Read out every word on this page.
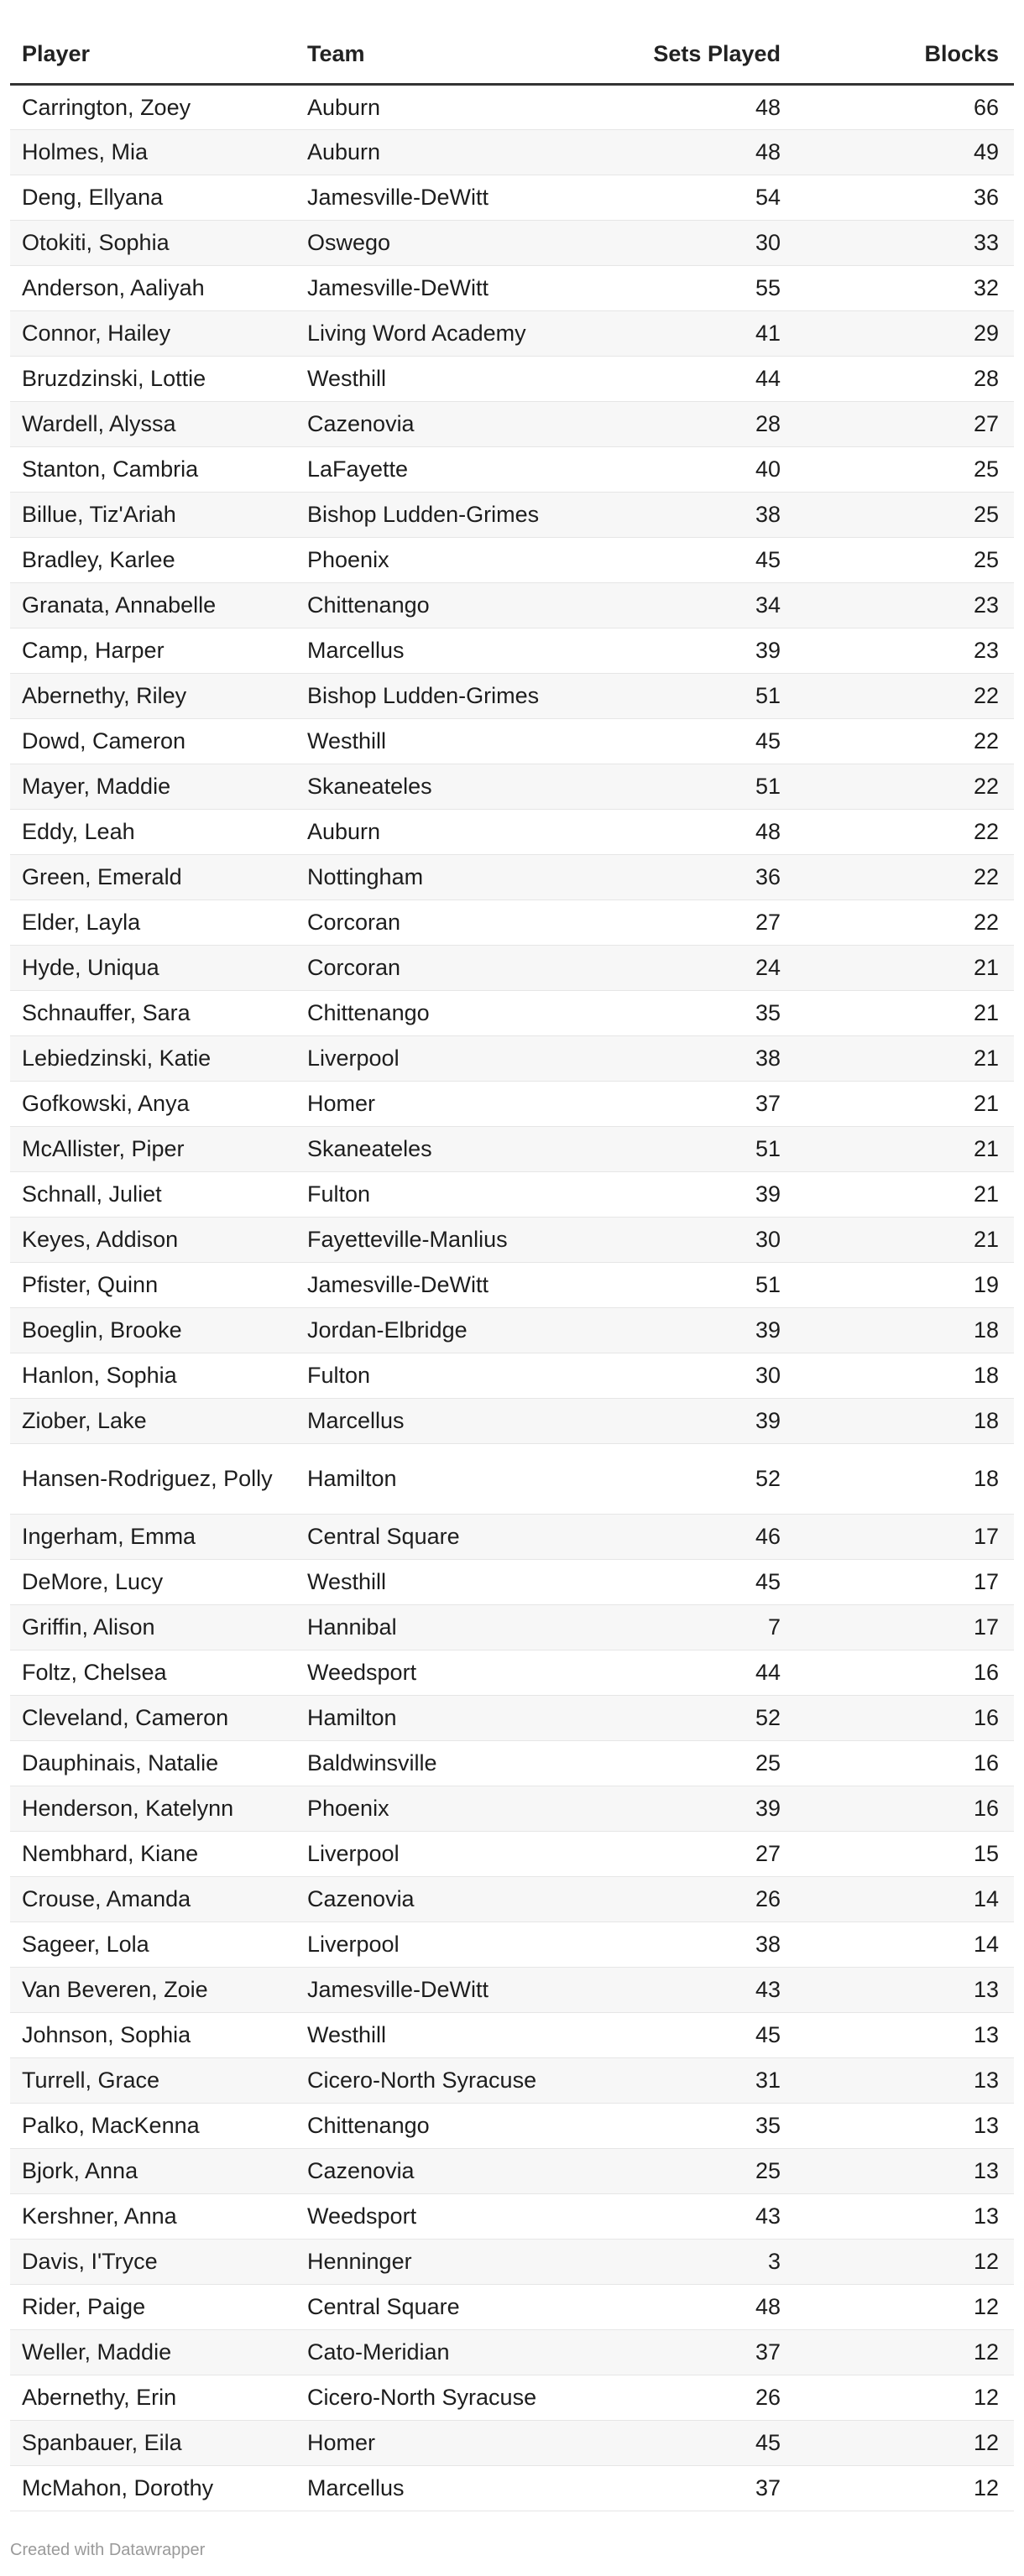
Player	Team	Sets Played	Blocks
Carrington, Zoey	Auburn	48	66
Holmes, Mia	Auburn	48	49
Deng, Ellyana	Jamesville-DeWitt	54	36
Otokiti, Sophia	Oswego	30	33
Anderson, Aaliyah	Jamesville-DeWitt	55	32
Connor, Hailey	Living Word Academy	41	29
Bruzdzinski, Lottie	Westhill	44	28
Wardell, Alyssa	Cazenovia	28	27
Stanton, Cambria	LaFayette	40	25
Billue, Tiz'Ariah	Bishop Ludden-Grimes	38	25
Bradley, Karlee	Phoenix	45	25
Granata, Annabelle	Chittenango	34	23
Camp, Harper	Marcellus	39	23
Abernethy, Riley	Bishop Ludden-Grimes	51	22
Dowd, Cameron	Westhill	45	22
Mayer, Maddie	Skaneateles	51	22
Eddy, Leah	Auburn	48	22
Green, Emerald	Nottingham	36	22
Elder, Layla	Corcoran	27	22
Hyde, Uniqua	Corcoran	24	21
Schnauffer, Sara	Chittenango	35	21
Lebiedzinski, Katie	Liverpool	38	21
Gofkowski, Anya	Homer	37	21
McAllister, Piper	Skaneateles	51	21
Schnall, Juliet	Fulton	39	21
Keyes, Addison	Fayetteville-Manlius	30	21
Pfister, Quinn	Jamesville-DeWitt	51	19
Boeglin, Brooke	Jordan-Elbridge	39	18
Hanlon, Sophia	Fulton	30	18
Ziober, Lake	Marcellus	39	18
Hansen-Rodriguez, Polly	Hamilton	52	18
Ingerham, Emma	Central Square	46	17
DeMore, Lucy	Westhill	45	17
Griffin, Alison	Hannibal	7	17
Foltz, Chelsea	Weedsport	44	16
Cleveland, Cameron	Hamilton	52	16
Dauphinais, Natalie	Baldwinsville	25	16
Henderson, Katelynn	Phoenix	39	16
Nembhard, Kiane	Liverpool	27	15
Crouse, Amanda	Cazenovia	26	14
Sageer, Lola	Liverpool	38	14
Van Beveren, Zoie	Jamesville-DeWitt	43	13
Johnson, Sophia	Westhill	45	13
Turrell, Grace	Cicero-North Syracuse	31	13
Palko, MacKenna	Chittenango	35	13
Bjork, Anna	Cazenovia	25	13
Kershner, Anna	Weedsport	43	13
Davis, I'Tryce	Henninger	3	12
Rider, Paige	Central Square	48	12
Weller, Maddie	Cato-Meridian	37	12
Abernethy, Erin	Cicero-North Syracuse	26	12
Spanbauer, Eila	Homer	45	12
McMahon, Dorothy	Marcellus	37	12
Created with Datawrapper
